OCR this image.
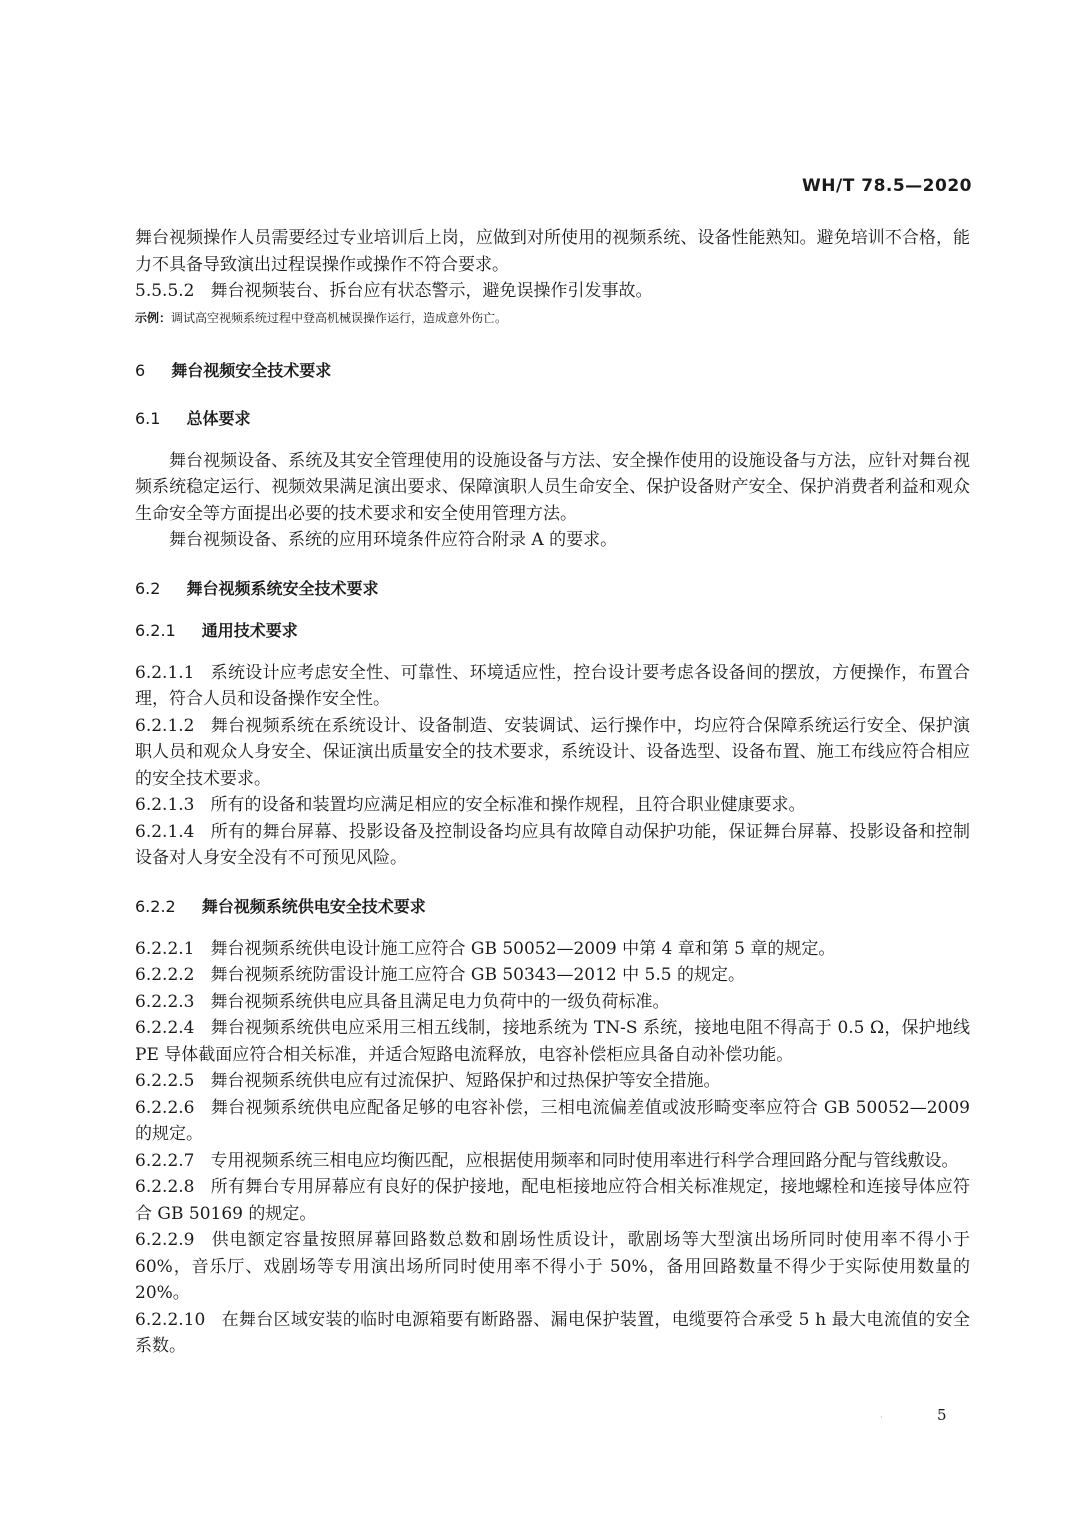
WH/T 78.5—2020

舞台视频操作人员需要经过专业培训后上岗，应做到对所使用的视频系统、设备性能熟知。避免培训不合格，能力不具备导致演出过程误操作或操作不符合要求。

5.5.5.2 舞台视频装台、拆台应有状态警示，避免误操作引发事故。

示例：调试高空视频系统过程中登高机械误操作运行，造成意外伤亡。

6 舞台视频安全技术要求
6.1 总体要求

舞台视频设备、系统及其安全管理使用的设施设备与方法、安全操作使用的设施设备与方法，应针对舞台视频系统稳定运行、视频效果满足演出要求、保障演职人员生命安全、保护设备财产安全、保护消费者利益和观众生命安全等方面提出必要的技术要求和安全使用管理方法。

舞台视频设备、系统的应用环境条件应符合附录 A 的要求。

6.2 舞台视频系统安全技术要求
6.2.1 通用技术要求

6.2.1.1 系统设计应考虑安全性、可靠性、环境适应性，控台设计要考虑各设备间的摆放，方便操作，布置合理，符合人员和设备操作安全性。

6.2.1.2 舞台视频系统在系统设计、设备制造、安装调试、运行操作中，均应符合保障系统运行安全、保护演职人员和观众人身安全、保证演出质量安全的技术要求，系统设计、设备选型、设备布置、施工布线应符合相应的安全技术要求。

6.2.1.3 所有的设备和装置均应满足相应的安全标准和操作规程，且符合职业健康要求。

6.2.1.4 所有的舞台屏幕、投影设备及控制设备均应具有故障自动保护功能，保证舞台屏幕、投影设备和控制设备对人身安全没有不可预见风险。

6.2.2 舞台视频系统供电安全技术要求

6.2.2.1 舞台视频系统供电设计施工应符合 GB 50052—2009 中第 4 章和第 5 章的规定。

6.2.2.2 舞台视频系统防雷设计施工应符合 GB 50343—2012 中 5.5 的规定。

6.2.2.3 舞台视频系统供电应具备且满足电力负荷中的一级负荷标准。

6.2.2.4 舞台视频系统供电应采用三相五线制，接地系统为 TN-S 系统，接地电阻不得高于 0.5 Ω，保护地线 PE 导体截面应符合相关标准，并适合短路电流释放，电容补偿柜应具备自动补偿功能。

6.2.2.5 舞台视频系统供电应有过流保护、短路保护和过热保护等安全措施。

6.2.2.6 舞台视频系统供电应配备足够的电容补偿，三相电流偏差值或波形畸变率应符合 GB 50052—2009 的规定。

6.2.2.7 专用视频系统三相电应均衡匹配，应根据使用频率和同时使用率进行科学合理回路分配与管线敷设。

6.2.2.8 所有舞台专用屏幕应有良好的保护接地，配电柜接地应符合相关标准规定，接地螺栓和连接导体应符合 GB 50169 的规定。

6.2.2.9 供电额定容量按照屏幕回路数总数和剧场性质设计，歌剧场等大型演出场所同时使用率不得小于 60%，音乐厅、戏剧场等专用演出场所同时使用率不得小于 50%，备用回路数量不得少于实际使用数量的 20%。

6.2.2.10 在舞台区域安装的临时电源箱要有断路器、漏电保护装置，电缆要符合承受 5 h 最大电流值的安全系数。

·	5
